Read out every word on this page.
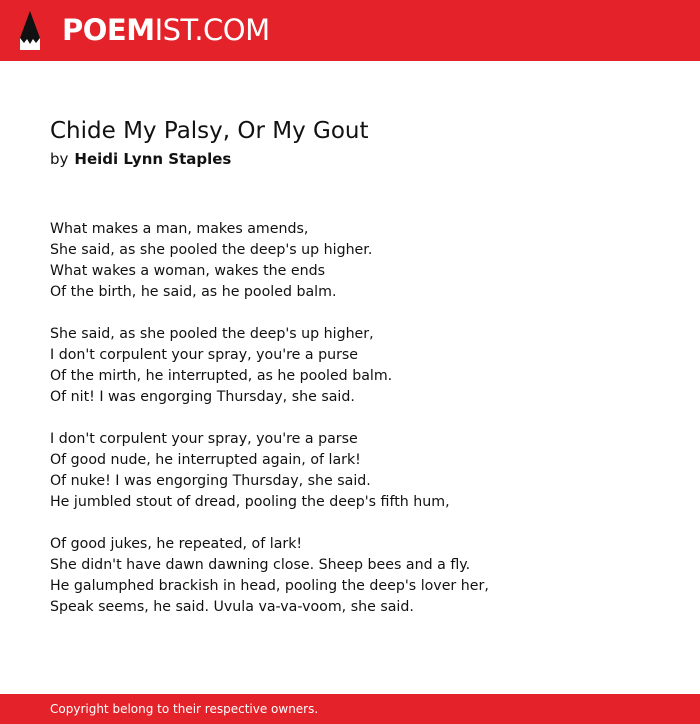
POEMIST.COM
Chide My Palsy, Or My Gout
by Heidi Lynn Staples
What makes a man, makes amends,
She said, as she pooled the deep's up higher.
What wakes a woman, wakes the ends
Of the birth, he said, as he pooled balm.
She said, as she pooled the deep's up higher,
I don't corpulent your spray, you're a purse
Of the mirth, he interrupted, as he pooled balm.
Of nit! I was engorging Thursday, she said.
I don't corpulent your spray, you're a parse
Of good nude, he interrupted again, of lark!
Of nuke! I was engorging Thursday, she said.
He jumbled stout of dread, pooling the deep's fifth hum,
Of good jukes, he repeated, of lark!
She didn't have dawn dawning close. Sheep bees and a fly.
He galumphed brackish in head, pooling the deep's lover her,
Speak seems, he said. Uvula va-va-voom, she said.
Copyright belong to their respective owners.
